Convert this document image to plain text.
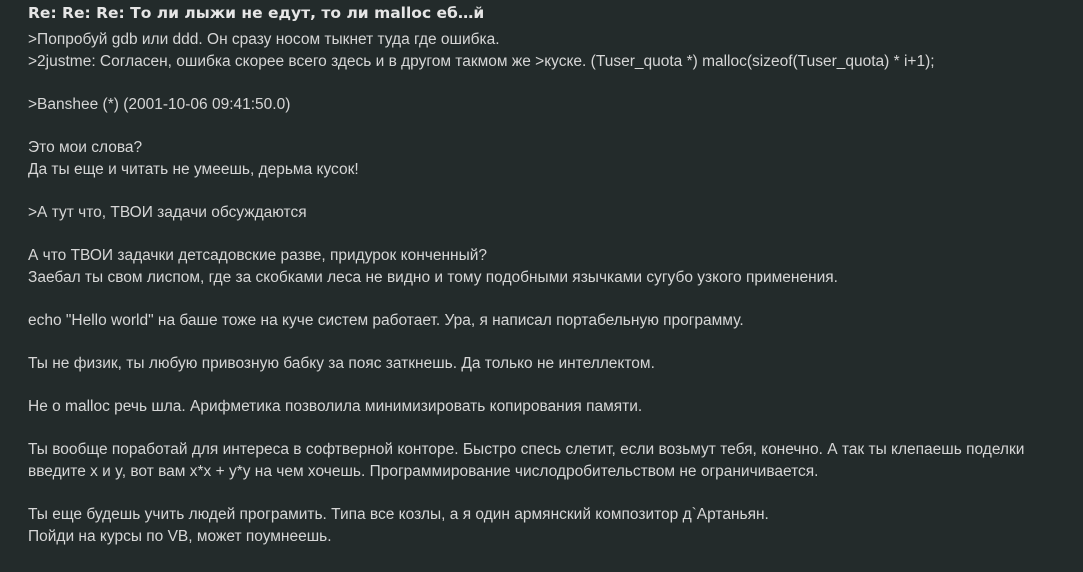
Re: Re: Re: То ли лыжи не едут, то ли malloc еб…й
>Попробуй gdb или ddd. Он сразу носом тыкнет туда где ошибка.
>2justme: Согласен, ошибка скорее всего здесь и в другом такмом же >куске. (Tuser_quota *) malloc(sizeof(Tuser_quota) * i+1);
>Banshee (*) (2001-10-06 09:41:50.0)
Это мои слова?
Да ты еще и читать не умеешь, дерьма кусок!
>А тут что, ТВОИ задачи обсуждаются
А что ТВОИ задачки детсадовские разве, придурок конченный?
Заебал ты свом лиспом, где за скобками леса не видно и тому подобными язычками сугубо узкого применения.
echo "Hello world" на баше тоже на куче систем работает. Ура, я написал портабельную программу.
Ты не физик, ты любую привозную бабку за пояс заткнешь. Да только не интеллектом.
Не о malloc речь шла. Арифметика позволила минимизировать копирования памяти.
Ты вообще поработай для интереса в софтверной конторе. Быстро спесь слетит, если возьмут тебя, конечно. А так ты клепаешь поделки
введите x и y, вот вам x*x + y*y на чем хочешь. Программирование числодробительством не ограничивается.
Ты еще будешь учить людей програмить. Типа все козлы, а я один армянский композитор д`Артаньян.
Пойди на курсы по VB, может поумнеешь.
